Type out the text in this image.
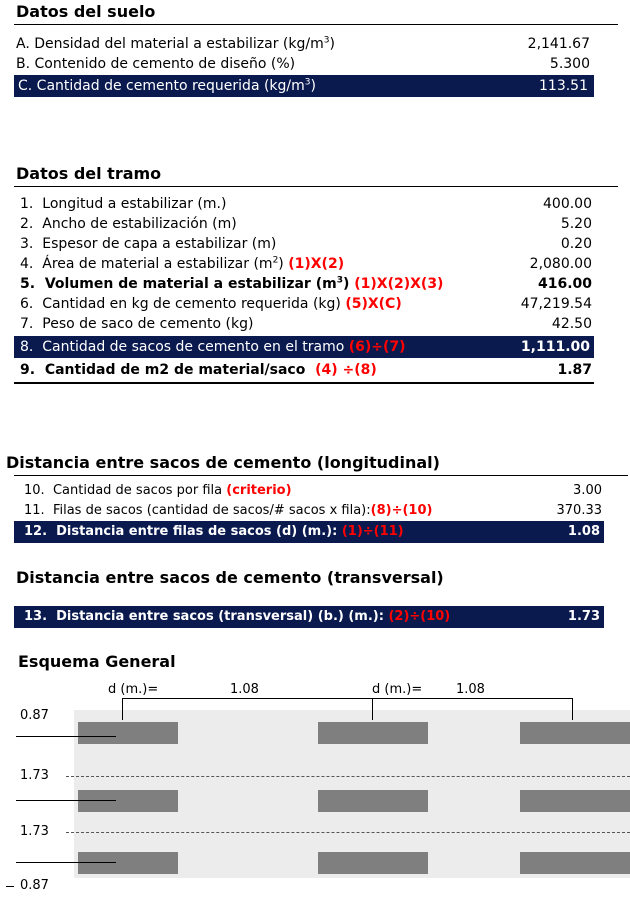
Datos del suelo
A. Densidad del material a estabilizar $(kg/m^3)$	2,141.67
B. Contenido de cemento de diseño (%)	5.300
C. Cantidad de cemento requerida $(kg/m^3)$	113.51
Datos del tramo
1. Longitud a estabilizar (m.)	400.00
2. Ancho de estabilización (m)	5.20
3. Espesor de capa a estabilizar (m)	0.20
4. Área de material a estabilizar $(m^2)$ (1)X(2)	2,080.00
5. Volumen de material a estabilizar $(m^3)$ (1)X(2)X(3)	416.00
6. Cantidad en kg de cemento requerida (kg) (5)X(C)	47,219.54
7. Peso de saco de cemento (kg)	42.50
8. Cantidad de sacos de cemento en el tramo (6)÷(7)	1,111.00
9. Cantidad de m2 de material/saco (4) ÷(8)	1.87
Distancia entre sacos de cemento (longitudinal)
10. Cantidad de sacos por fila (criterio)	3.00
11. Filas de sacos (cantidad de sacos/# sacos x fila):(8)÷(10)	370.33
12. Distancia entre filas de sacos (d) (m.): (1)÷(11)	1.08
Distancia entre sacos de cemento (transversal)
13. Distancia entre sacos (transversal) (b.) (m.): (2)÷(10)	1.73
Esquema General
d (m.)=	1.08	d (m.)=	1.08
0.87
1.73
1.73
0.87
